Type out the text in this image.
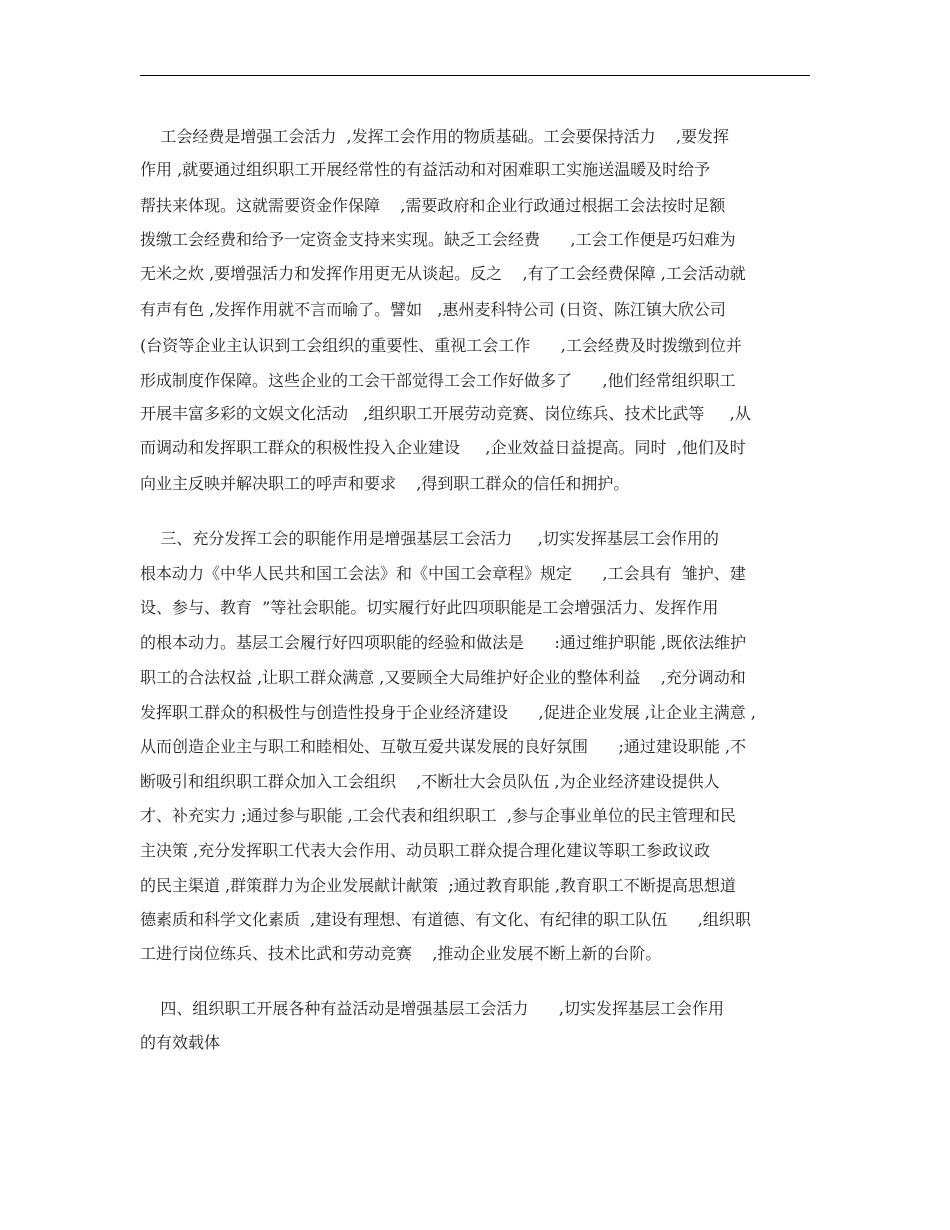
工会经费是增强工会活力  ,发挥工会作用的物质基础。工会要保持活力    ,要发挥
作用 ,就要通过组织职工开展经常性的有益活动和对困难职工实施送温暖及时给予
帮扶来体现。这就需要资金作保障    ,需要政府和企业行政通过根据工会法按时足额
拨缴工会经费和给予一定资金支持来实现。缺乏工会经费      ,工会工作便是巧妇难为
无米之炊 ,要增强活力和发挥作用更无从谈起。反之    ,有了工会经费保障 ,工会活动就
有声有色 ,发挥作用就不言而喻了。譬如   ,惠州麦科特公司 (日资、陈江镇大欣公司
(台资等企业主认识到工会组织的重要性、重视工会工作      ,工会经费及时拨缴到位并
形成制度作保障。这些企业的工会干部觉得工会工作好做多了      ,他们经常组织职工
开展丰富多彩的文娱文化活动   ,组织职工开展劳动竞赛、岗位练兵、技术比武等     ,从
而调动和发挥职工群众的积极性投入企业建设     ,企业效益日益提高。同时  ,他们及时
向业主反映并解决职工的呼声和要求    ,得到职工群众的信任和拥护。
三、充分发挥工会的职能作用是增强基层工会活力     ,切实发挥基层工会作用的
根本动力《中华人民共和国工会法》和《中国工会章程》规定      ,工会具有  雏护、建
设、参与、教育  ”等社会职能。切实履行好此四项职能是工会增强活力、发挥作用
的根本动力。基层工会履行好四项职能的经验和做法是      :通过维护职能 ,既依法维护
职工的合法权益 ,让职工群众满意 ,又要顾全大局维护好企业的整体利益    ,充分调动和
发挥职工群众的积极性与创造性投身于企业经济建设      ,促进企业发展 ,让企业主满意 ,
从而创造企业主与职工和睦相处、互敬互爱共谋发展的良好氛围      ;通过建设职能 ,不
断吸引和组织职工群众加入工会组织    ,不断壮大会员队伍 ,为企业经济建设提供人
才、补充实力 ;通过参与职能 ,工会代表和组织职工  ,参与企事业单位的民主管理和民
主决策 ,充分发挥职工代表大会作用、动员职工群众提合理化建议等职工参政议政
的民主渠道 ,群策群力为企业发展献计献策  ;通过教育职能 ,教育职工不断提高思想道
德素质和科学文化素质  ,建设有理想、有道德、有文化、有纪律的职工队伍      ,组织职
工进行岗位练兵、技术比武和劳动竞赛    ,推动企业发展不断上新的台阶。
四、组织职工开展各种有益活动是增强基层工会活力      ,切实发挥基层工会作用
的有效载体
